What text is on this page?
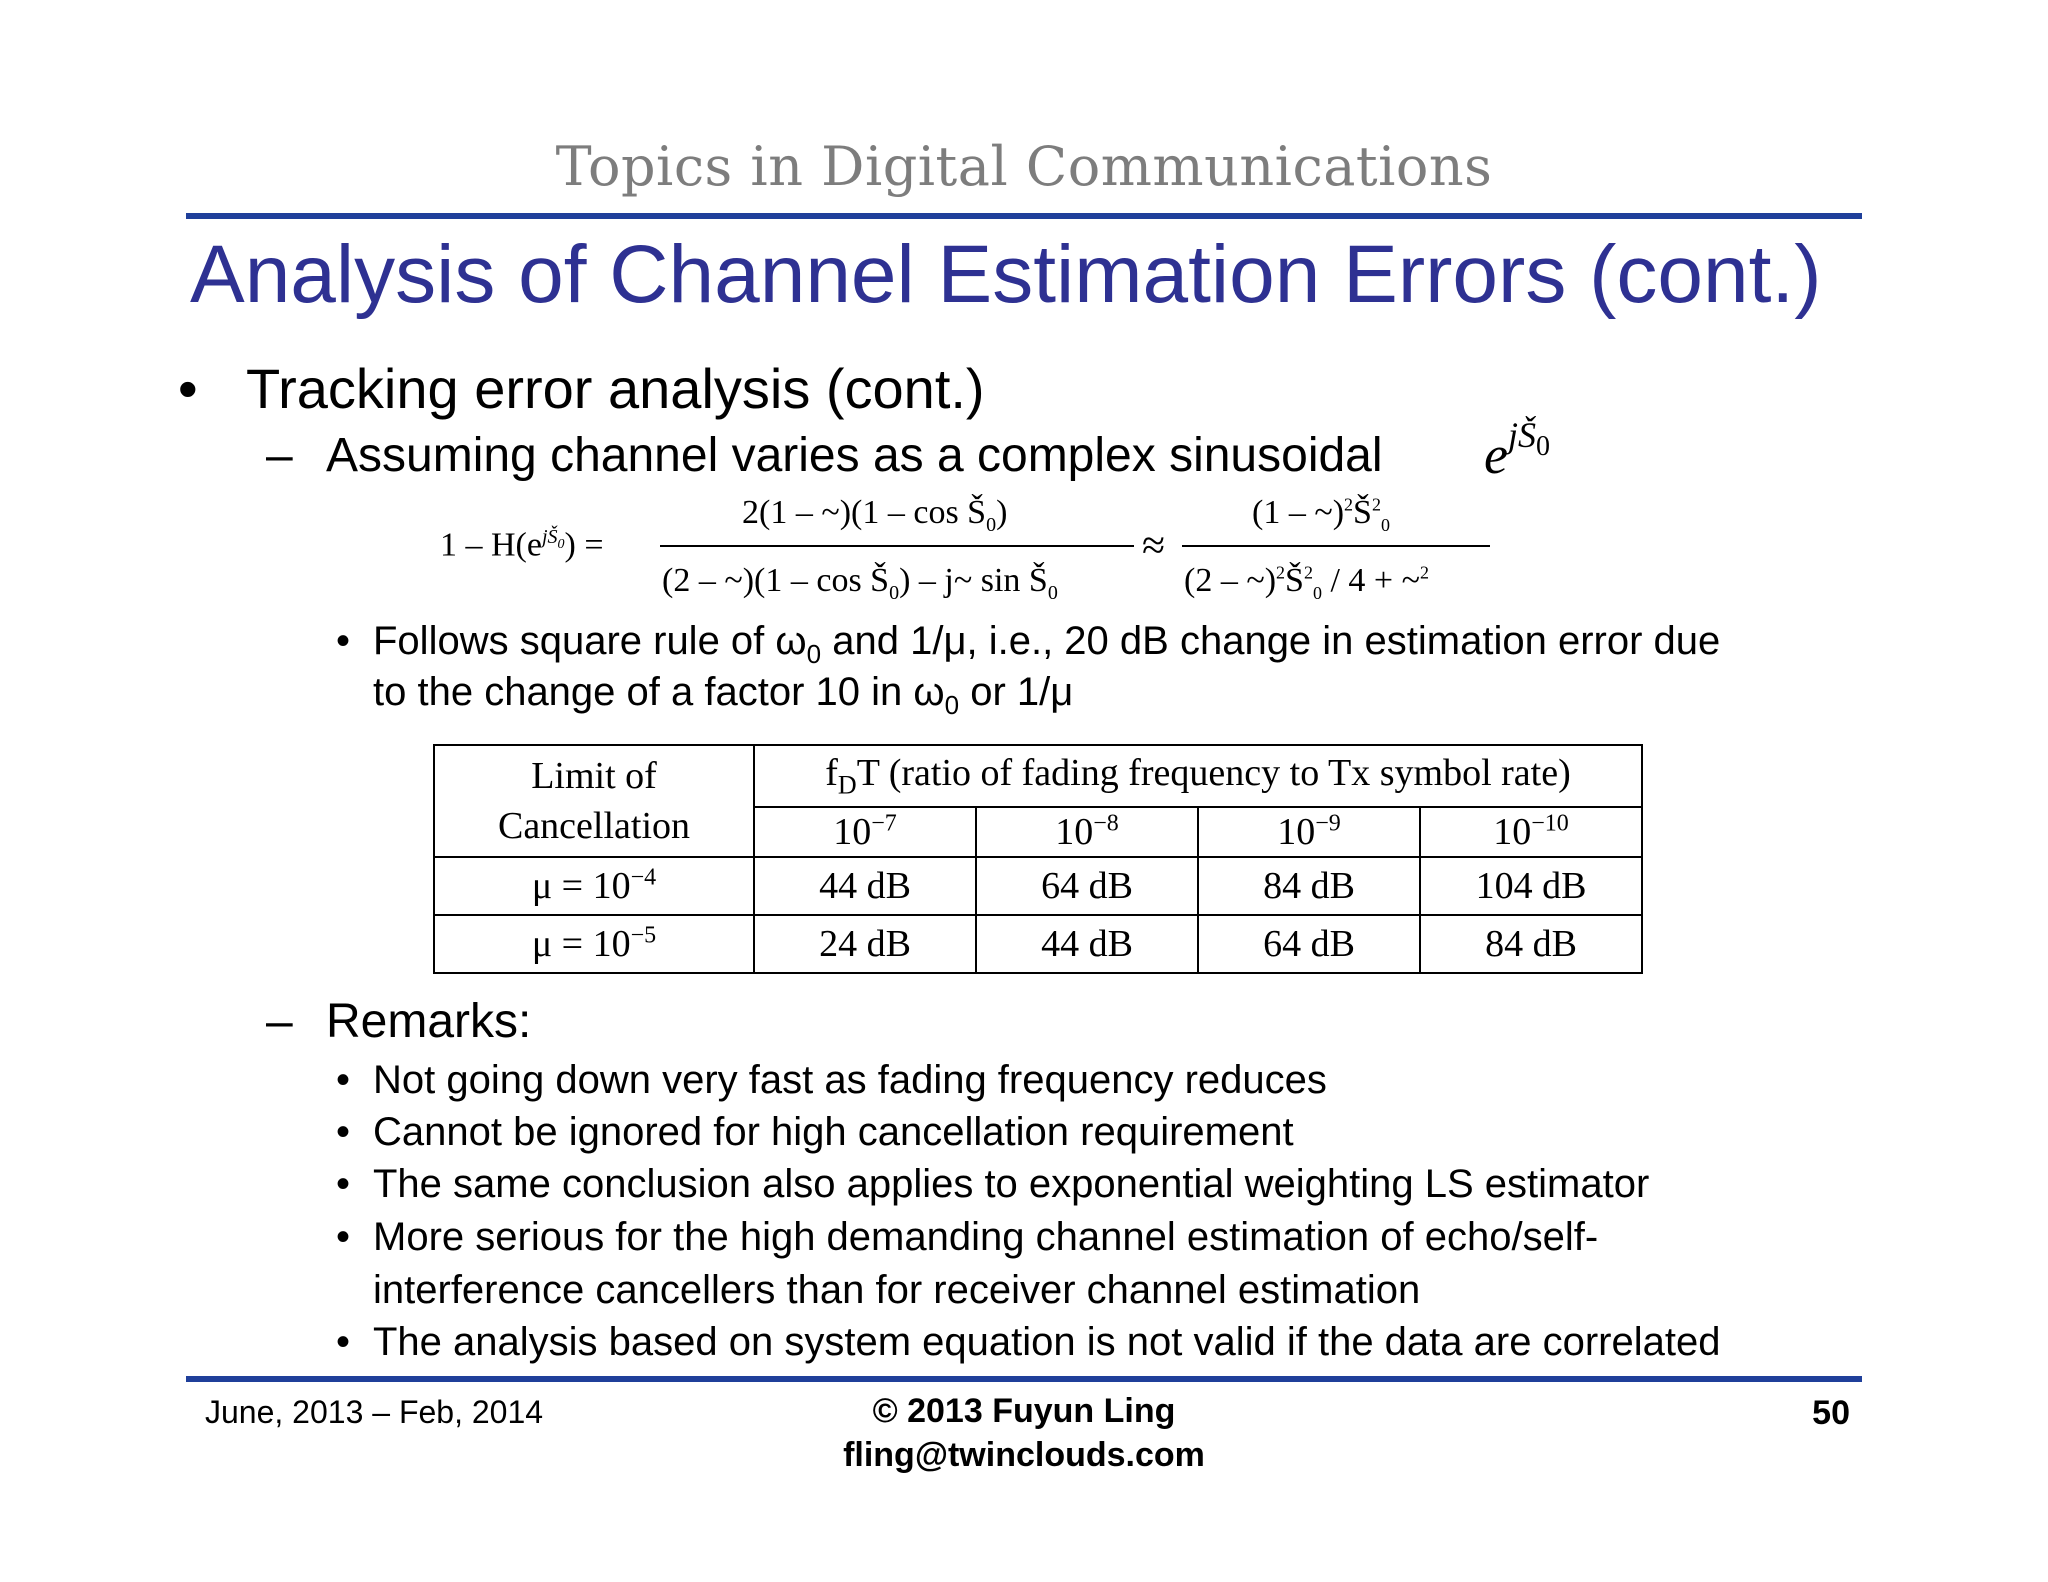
Topics in Digital Communications
Analysis of Channel Estimation Errors (cont.)
• Tracking error analysis (cont.)
– Assuming channel varies as a complex sinusoidal $e^{jŠ_0}$
$1 - H(e^{jŠ_0})$ =
2(1 – ~)(1 – $\cos Š_0$)
(2 – ~)(1 – $\cos Š_0$) – j~ $\sin Š_0$
≈
$(1 - \sim)^2Š^2_0$
$(2 - \sim)^2Š^2_0 / 4$ + ~$^2$
• Follows square rule of $\omega_0$ and 1/μ, i.e., 20 dB change in estimation error due
to the change of a factor 10 in $\omega_0$ or 1/μ
Limit of
Cancellation	$f_DT$ (ratio of fading frequency to Tx symbol rate)			
	$10^{-7}$	$10^{-8}$	$10^{-9}$	$10^{-10}$
$\mu = 10^{-4}$	44 dB	64 dB	84 dB	104 dB
$\mu = 10^{-5}$	24 dB	44 dB	64 dB	84 dB
– Remarks:
• Not going down very fast as fading frequency reduces
• Cannot be ignored for high cancellation requirement
• The same conclusion also applies to exponential weighting LS estimator
• More serious for the high demanding channel estimation of echo/self-
interference cancellers than for receiver channel estimation
• The analysis based on system equation is not valid if the data are correlated
June, 2013 – Feb, 2014	© 2013 Fuyun Ling
fling@twinclouds.com
50
